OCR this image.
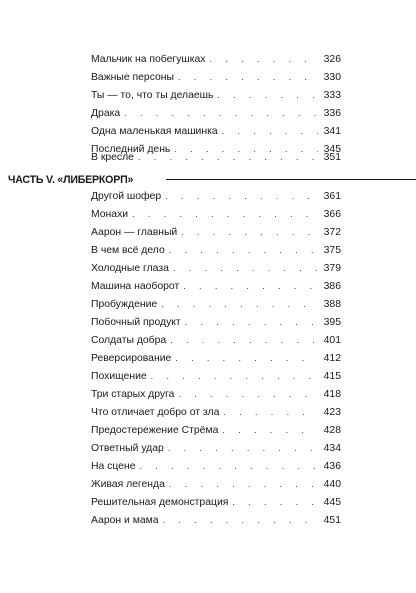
Мальчик на побегушках . . .	326
Важные персоны . . .	330
Ты — то, что ты делаешь . . .	333
Драка . . .	336
Одна маленькая машинка . . .	341
Последний день . . .	345
В кресле . . .	351
ЧАСТЬ V. «ЛИБЕРКОРП»
Другой шофер . . .	361
Монахи . . .	366
Аарон — главный . . .	372
В чем всё дело . . .	375
Холодные глаза . . .	379
Машина наоборот . . .	386
Пробуждение . . .	388
Побочный продукт . . .	395
Солдаты добра . . .	401
Реверсирование . . .	412
Похищение . . .	415
Три старых друга . . .	418
Что отличает добро от зла . . .	423
Предостережение Стрёма . . .	428
Ответный удар . . .	434
На сцене . . .	436
Живая легенда . . .	440
Решительная демонстрация . . .	445
Аарон и мама . . .	451
